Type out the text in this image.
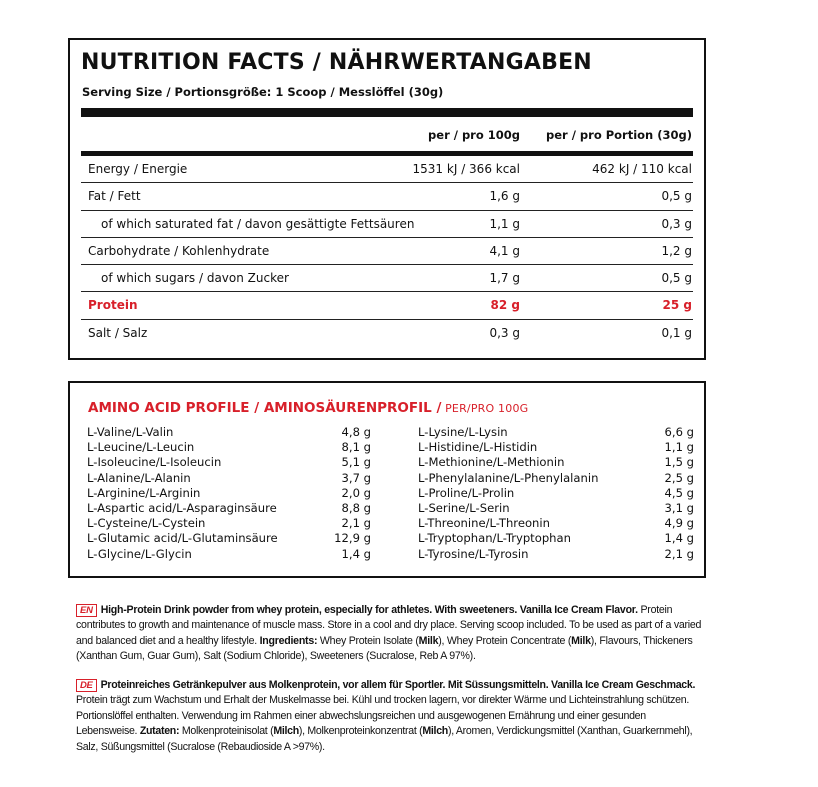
NUTRITION FACTS / NÄHRWERTANGABEN
Serving Size / Portionsgröße: 1 Scoop / Messlöffel (30g)
per / pro 100g per / pro Portion (30g)
Energy / Energie	1531 kJ / 366 kcal	462 kJ / 110 kcal
Fat / Fett	1,6 g	0,5 g
of which saturated fat / davon gesättigte Fettsäuren	1,1 g	0,3 g
Carbohydrate / Kohlenhydrate	4,1 g	1,2 g
of which sugars / davon Zucker	1,7 g	0,5 g
Protein	82 g	25 g
Salt / Salz	0,3 g	0,1 g
AMINO ACID PROFILE / AMINOSÄURENPROFIL / PER/PRO 100G
L-Valine/L-Valin	4,8 g
L-Leucine/L-Leucin	8,1 g
L-Isoleucine/L-Isoleucin	5,1 g
L-Alanine/L-Alanin	3,7 g
L-Arginine/L-Arginin	2,0 g
L-Aspartic acid/L-Asparaginsäure	8,8 g
L-Cysteine/L-Cystein	2,1 g
L-Glutamic acid/L-Glutaminsäure	12,9 g
L-Glycine/L-Glycin	1,4 g
L-Lysine/L-Lysin	6,6 g
L-Histidine/L-Histidin	1,1 g
L-Methionine/L-Methionin	1,5 g
L-Phenylalanine/L-Phenylalanin	2,5 g
L-Proline/L-Prolin	4,5 g
L-Serine/L-Serin	3,1 g
L-Threonine/L-Threonin	4,9 g
L-Tryptophan/L-Tryptophan	1,4 g
L-Tyrosine/L-Tyrosin	2,1 g
EN High-Protein Drink powder from whey protein, especially for athletes. With sweeteners. Vanilla Ice Cream Flavor. Protein contributes to growth and maintenance of muscle mass. Store in a cool and dry place. Serving scoop included. To be used as part of a varied and balanced diet and a healthy lifestyle. Ingredients: Whey Protein Isolate (Milk), Whey Protein Concentrate (Milk), Flavours, Thickeners (Xanthan Gum, Guar Gum), Salt (Sodium Chloride), Sweeteners (Sucralose, Reb A 97%).
DE Proteinreiches Getränkepulver aus Molkenprotein, vor allem für Sportler. Mit Süssungsmitteln. Vanilla Ice Cream Geschmack. Protein trägt zum Wachstum und Erhalt der Muskelmasse bei. Kühl und trocken lagern, vor direkter Wärme und Lichteinstrahlung schützen. Portionslöffel enthalten. Verwendung im Rahmen einer abwechslungsreichen und ausgewogenen Ernährung und einer gesunden Lebensweise. Zutaten: Molkenproteinisolat (Milch), Molkenproteinkonzentrat (Milch), Aromen, Verdickungsmittel (Xanthan, Guarkernmehl), Salz, Süßungsmittel (Sucralose (Rebaudioside A >97%).
